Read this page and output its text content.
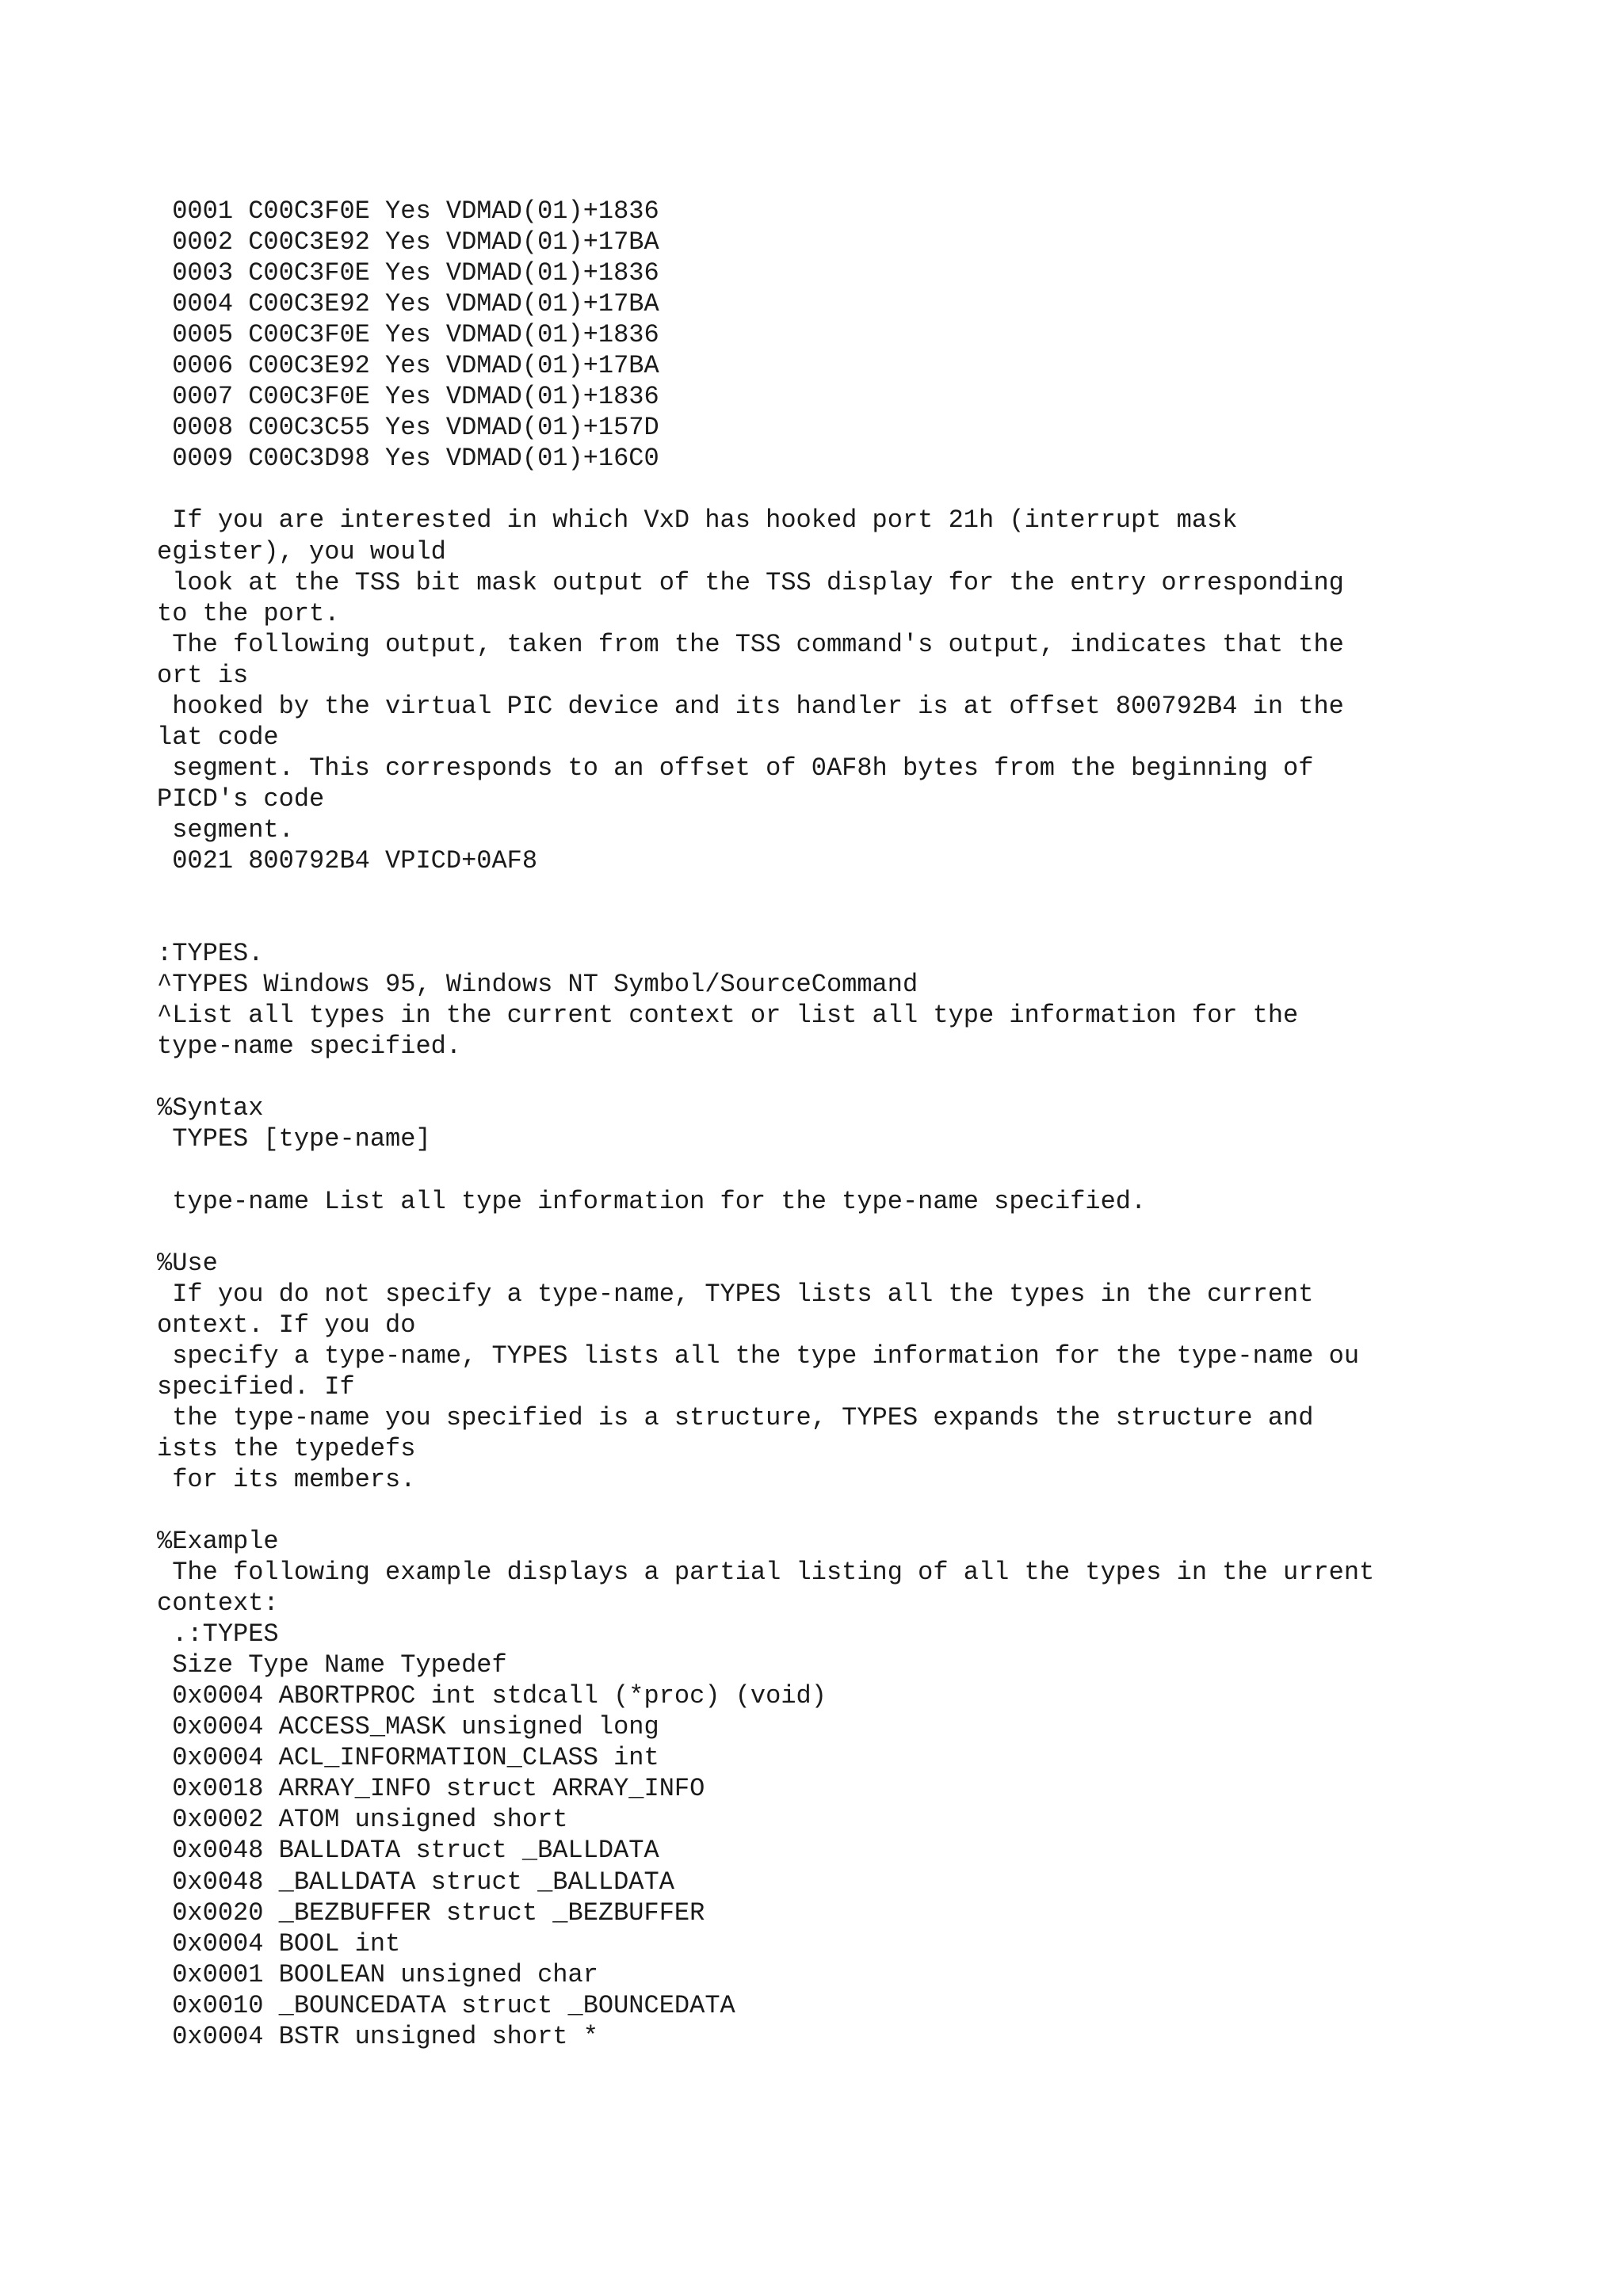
0001 C00C3F0E Yes VDMAD(01)+1836
0002 C00C3E92 Yes VDMAD(01)+17BA
0003 C00C3F0E Yes VDMAD(01)+1836
0004 C00C3E92 Yes VDMAD(01)+17BA
0005 C00C3F0E Yes VDMAD(01)+1836
0006 C00C3E92 Yes VDMAD(01)+17BA
0007 C00C3F0E Yes VDMAD(01)+1836
0008 C00C3C55 Yes VDMAD(01)+157D
0009 C00C3D98 Yes VDMAD(01)+16C0
If you are interested in which VxD has hooked port 21h (interrupt mask
egister), you would
look at the TSS bit mask output of the TSS display for the entry orresponding
to the port.
The following output, taken from the TSS command's output, indicates that the
ort is
hooked by the virtual PIC device and its handler is at offset 800792B4 in the
lat code
segment. This corresponds to an offset of 0AF8h bytes from the beginning of
PICD's code
segment.
0021 800792B4 VPICD+0AF8
:TYPES.
^TYPES Windows 95, Windows NT Symbol/SourceCommand
^List all types in the current context or list all type information for the
type-name specified.
%Syntax
TYPES [type-name]
type-name List all type information for the type-name specified.
%Use
If you do not specify a type-name, TYPES lists all the types in the current
ontext. If you do
specify a type-name, TYPES lists all the type information for the type-name ou
specified. If
the type-name you specified is a structure, TYPES expands the structure and
ists the typedefs
for its members.
%Example
The following example displays a partial listing of all the types in the urrent
context:
.:TYPES
Size Type Name Typedef
0x0004 ABORTPROC int stdcall (*proc) (void)
0x0004 ACCESS_MASK unsigned long
0x0004 ACL_INFORMATION_CLASS int
0x0018 ARRAY_INFO struct ARRAY_INFO
0x0002 ATOM unsigned short
0x0048 BALLDATA struct _BALLDATA
0x0048 _BALLDATA struct _BALLDATA
0x0020 _BEZBUFFER struct _BEZBUFFER
0x0004 BOOL int
0x0001 BOOLEAN unsigned char
0x0010 _BOUNCEDATA struct _BOUNCEDATA
0x0004 BSTR unsigned short *
